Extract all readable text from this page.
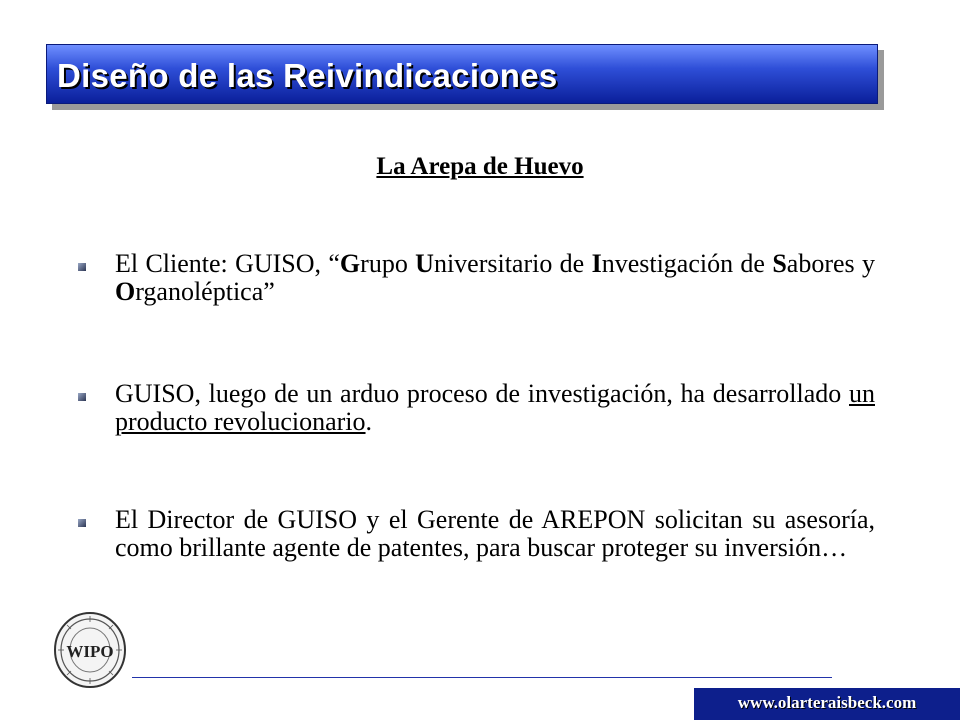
Diseño de las Reivindicaciones
La Arepa de Huevo
El Cliente: GUISO, “Grupo Universitario de Investigación de Sabores y Organoléptica”
GUISO, luego de un arduo proceso de investigación, ha desarrollado un producto revolucionario.
El Director de GUISO y el Gerente de AREPON solicitan su asesoría, como brillante agente de patentes, para buscar proteger su inversión…
WIPO
www.olarteraisbeck.com
